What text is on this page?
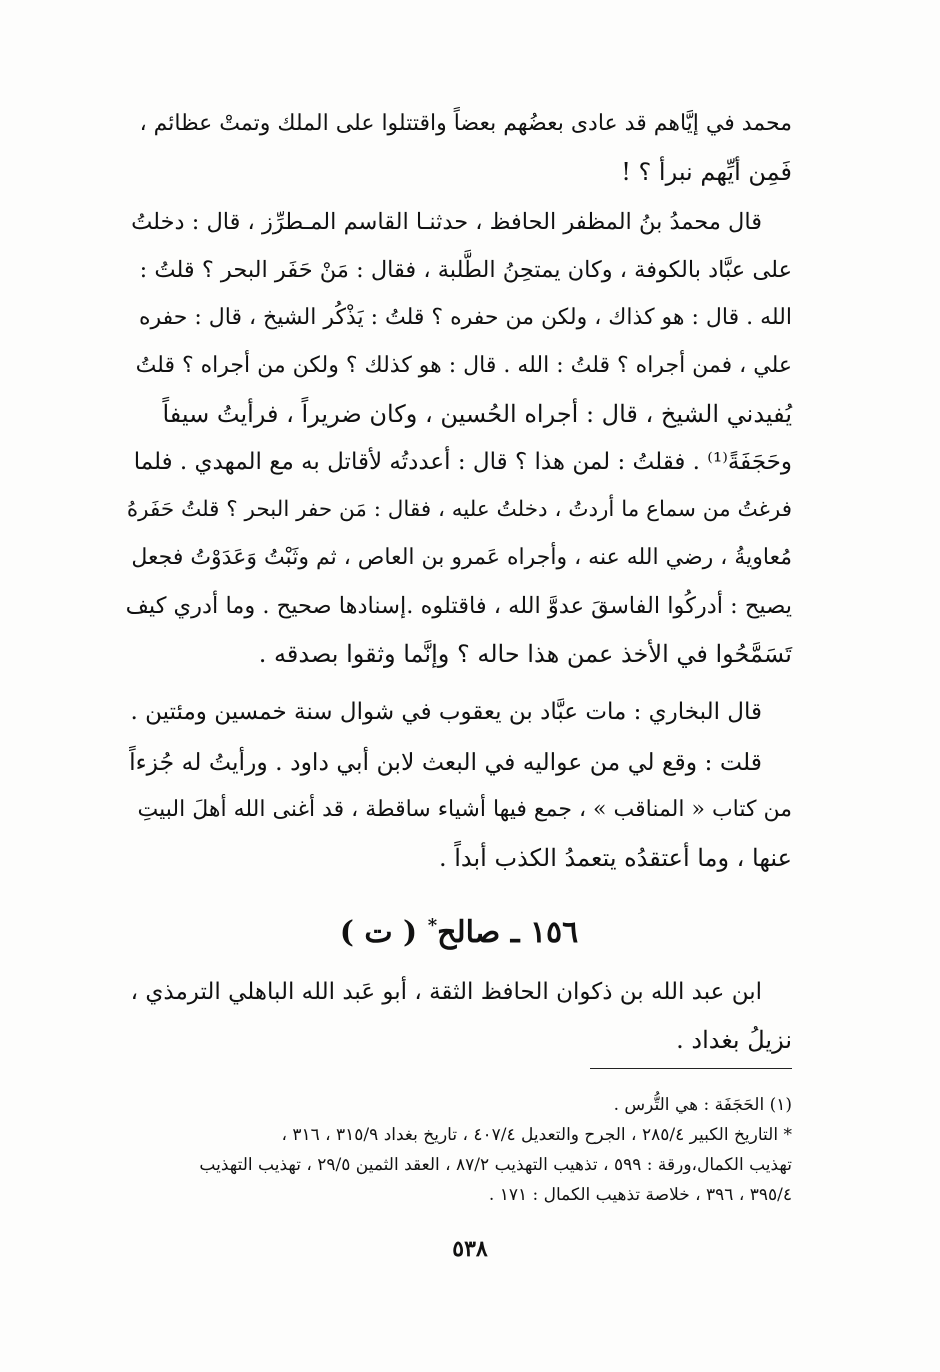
محمد في إيَّاهم قد عادى بعضُهم بعضاً واقتتلوا على الملك وتمتْ عظائم ،
فَمِن أيِّهم نبرأ ؟ !
قال محمدُ بنُ المظفر الحافظ ، حدثنـا القاسم المـطرِّز ، قال : دخلتُ
على عبَّاد بالكوفة ، وكان يمتحِنُ الطَّلبة ، فقال : مَنْ حَفَر البحر ؟ قلتُ :
الله . قال : هو كذاك ، ولكن من حفره ؟ قلتُ : يَذْكُر الشيخ ، قال : حفره
علي ، فمن أجراه ؟ قلتُ : الله . قال : هو كذلك ؟ ولكن من أجراه ؟ قلتُ
يُفيدني الشيخ ، قال : أجراه الحُسين ، وكان ضريراً ، فرأيتُ سيفاً
وحَجَفَةً⁽¹⁾ . فقلتُ : لمن هذا ؟ قال : أعددتُه لأقاتل به مع المهدي . فلما
فرغتُ من سماع ما أردتُ ، دخلتُ عليه ، فقال : مَن حفر البحر ؟ قلتُ حَفَرهُ
مُعاويةُ ، رضي الله عنه ، وأجراه عَمرو بن العاص ، ثم وثَبْتُ وَعَدَوْتُ فجعل
يصيح : أدركُوا الفاسقَ عدوَّ الله ، فاقتلوه .إسنادها صحيح . وما أدري كيف
تَسَمَّحُوا في الأخذ عمن هذا حاله ؟ وإنَّما وثقوا بصدقه .
قال البخاري : مات عبَّاد بن يعقوب في شوال سنة خمسين ومئتين .
قلت : وقع لي من عواليه في البعث لابن أبي داود . ورأيتُ له جُزءاً
من كتاب « المناقب » ، جمع فيها أشياء ساقطة ، قد أغنى الله أهلَ البيتِ
عنها ، وما أعتقدُه يتعمدُ الكذب أبداً .
١٥٦ ـ صالح* ( ت )
ابن عبد الله بن ذكوان الحافظ الثقة ، أبو عَبد الله الباهلي الترمذي ،
نزيلُ بغداد .
(١) الحَجَفَة : هي التُّرس .
* التاريخ الكبير ٢٨٥/٤ ، الجرح والتعديل ٤٠٧/٤ ، تاريخ بغداد ٣١٥/٩ ، ٣١٦ ،
تهذيب الكمال،ورقة : ٥٩٩ ، تذهيب التهذيب ٨٧/٢ ، العقد الثمين ٢٩/٥ ، تهذيب التهذيب
٣٩٥/٤ ، ٣٩٦ ، خلاصة تذهيب الكمال : ١٧١ .
٥٣٨
